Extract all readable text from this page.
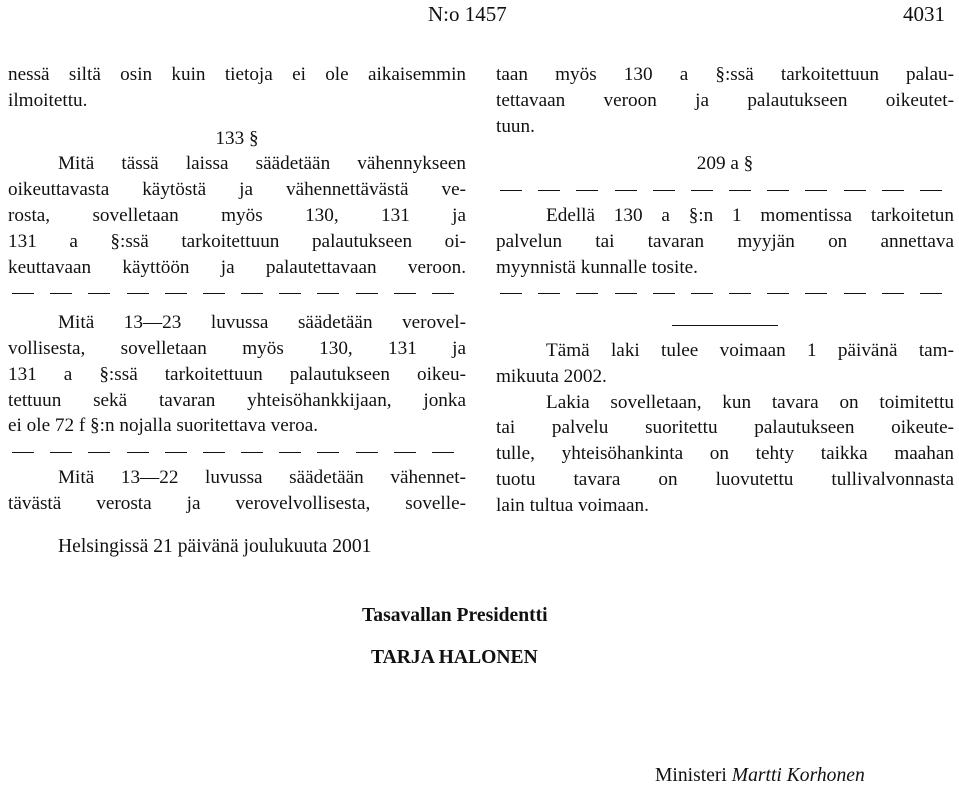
N:o 1457	4031
nessä siltä osin kuin tietoja ei ole aikaisemmin
ilmoitettu.
133 §
Mitä tässä laissa säädetään vähennykseen
oikeuttavasta käytöstä ja vähennettävästä ve-
rosta, sovelletaan myös 130, 131 ja
131 a §:ssä tarkoitettuun palautukseen oi-
keuttavaan käyttöön ja palautettavaan veroon.
Mitä 13—23 luvussa säädetään verovel-
vollisesta, sovelletaan myös 130, 131 ja
131 a §:ssä tarkoitettuun palautukseen oikeu-
tettuun sekä tavaran yhteisöhankkijaan, jonka
ei ole 72 f §:n nojalla suoritettava veroa.
Mitä 13—22 luvussa säädetään vähennet-
tävästä verosta ja verovelvollisesta, sovelle-
taan myös 130 a §:ssä tarkoitettuun palau-
tettavaan veroon ja palautukseen oikeutet-
tuun.
209 a §
Edellä 130 a §:n 1 momentissa tarkoitetun
palvelun tai tavaran myyjän on annettava
myynnistä kunnalle tosite.
Tämä laki tulee voimaan 1 päivänä tam-
mikuuta 2002.
Lakia sovelletaan, kun tavara on toimitettu
tai palvelu suoritettu palautukseen oikeute-
tulle, yhteisöhankinta on tehty taikka maahan
tuotu tavara on luovutettu tullivalvonnasta
lain tultua voimaan.
Helsingissä 21 päivänä joulukuuta 2001
Tasavallan Presidentti
TARJA HALONEN
Ministeri Martti Korhonen
